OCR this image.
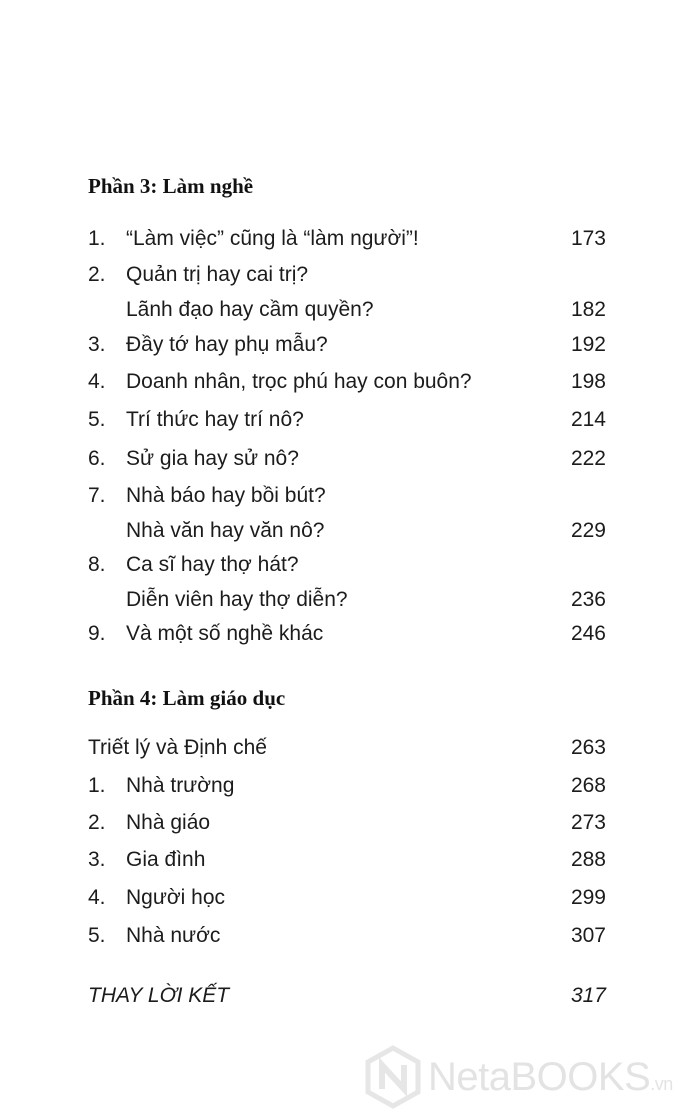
Phần 3: Làm nghề
1. “Làm việc” cũng là “làm người”!	173
2. Quản trị hay cai trị?
Lãnh đạo hay cầm quyền?	182
3. Đầy tớ hay phụ mẫu?	192
4. Doanh nhân, trọc phú hay con buôn?	198
5. Trí thức hay trí nô?	214
6. Sử gia hay sử nô?	222
7. Nhà báo hay bồi bút?
Nhà văn hay văn nô?	229
8. Ca sĩ hay thợ hát?
Diễn viên hay thợ diễn?	236
9. Và một số nghề khác	246
Phần 4: Làm giáo dục
Triết lý và Định chế	263
1. Nhà trường	268
2. Nhà giáo	273
3. Gia đình	288
4. Người học	299
5. Nhà nước	307
THAY LỜI KẾT	317
NetaBOOKS.vn
